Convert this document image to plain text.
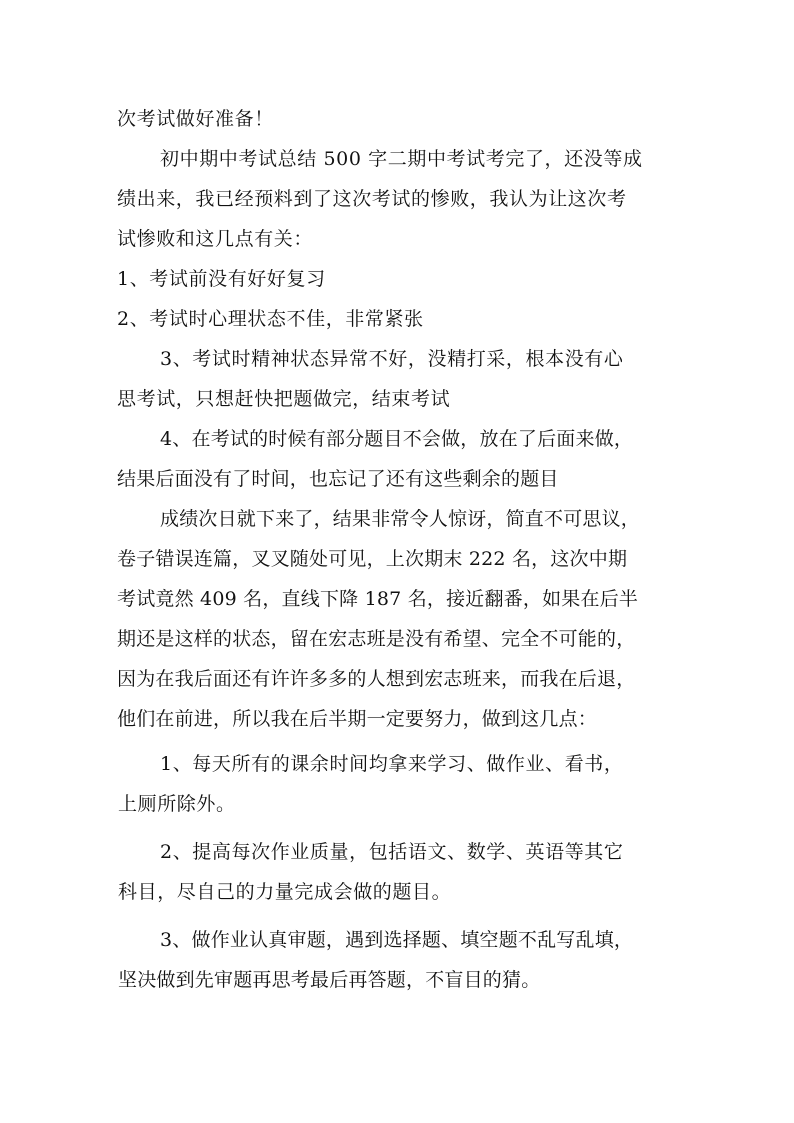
次考试做好准备！
初中期中考试总结 500 字二期中考试考完了，还没等成
绩出来，我已经预料到了这次考试的惨败，我认为让这次考
试惨败和这几点有关：
1、考试前没有好好复习
2、考试时心理状态不佳，非常紧张
3、考试时精神状态异常不好，没精打采，根本没有心
思考试，只想赶快把题做完，结束考试
4、在考试的时候有部分题目不会做，放在了后面来做，
结果后面没有了时间，也忘记了还有这些剩余的题目
成绩次日就下来了，结果非常令人惊讶，简直不可思议，
卷子错误连篇，叉叉随处可见，上次期末 222 名，这次中期
考试竟然 409 名，直线下降 187 名，接近翻番，如果在后半
期还是这样的状态，留在宏志班是没有希望、完全不可能的，
因为在我后面还有许许多多的人想到宏志班来，而我在后退，
他们在前进，所以我在后半期一定要努力，做到这几点：
1、每天所有的课余时间均拿来学习、做作业、看书，
上厕所除外。
2、提高每次作业质量，包括语文、数学、英语等其它
科目，尽自己的力量完成会做的题目。
3、做作业认真审题，遇到选择题、填空题不乱写乱填，
坚决做到先审题再思考最后再答题，不盲目的猜。
